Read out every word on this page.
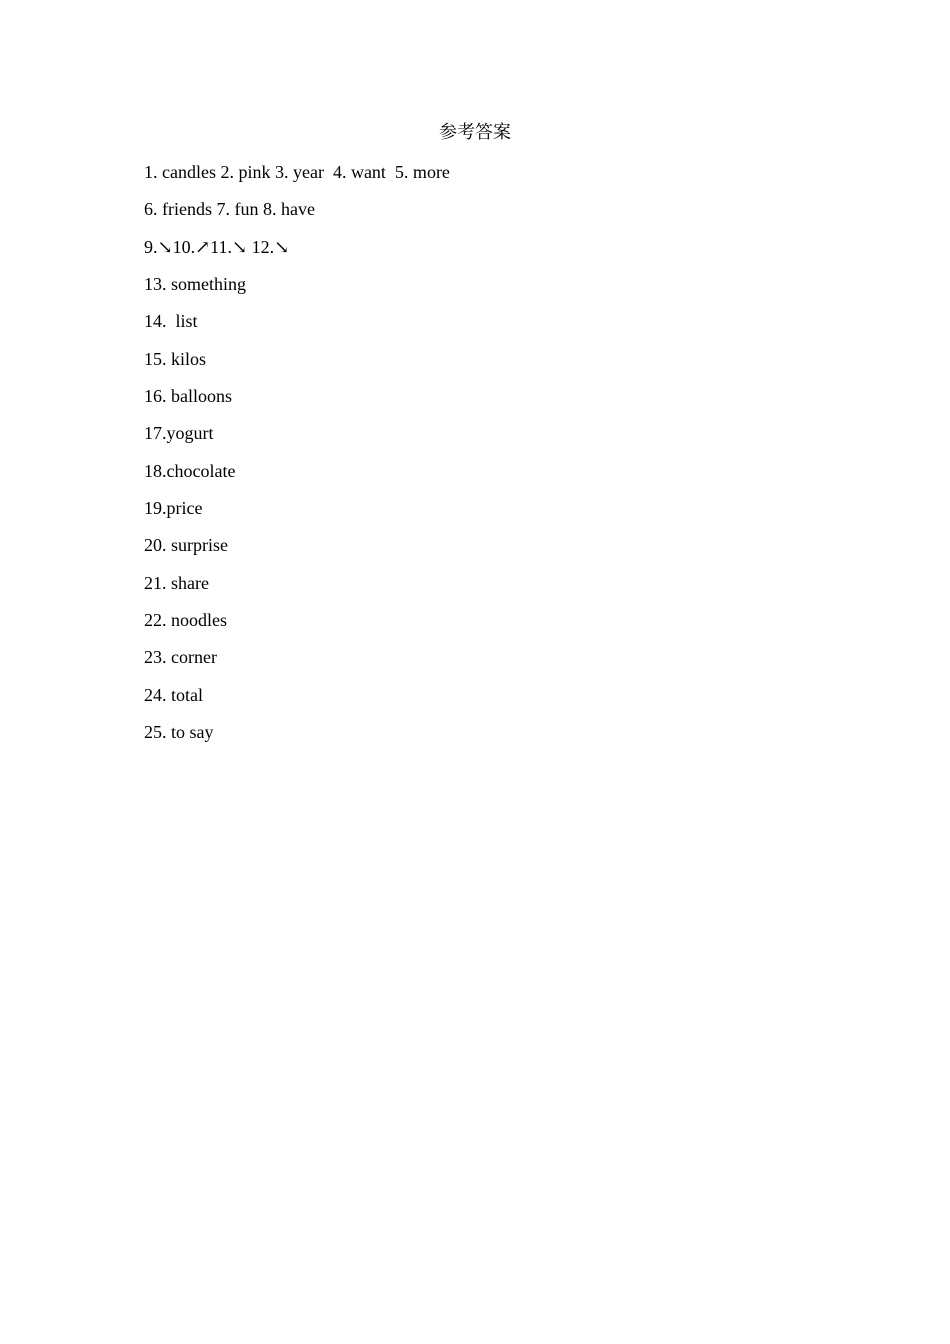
参考答案
1. candles 2. pink 3. year  4. want  5. more
6. friends 7. fun 8. have
9.↘10.↗11.↘ 12.↘
13. something
14.  list
15. kilos
16. balloons
17.yogurt
18.chocolate
19.price
20. surprise
21. share
22. noodles
23. corner
24. total
25. to say
